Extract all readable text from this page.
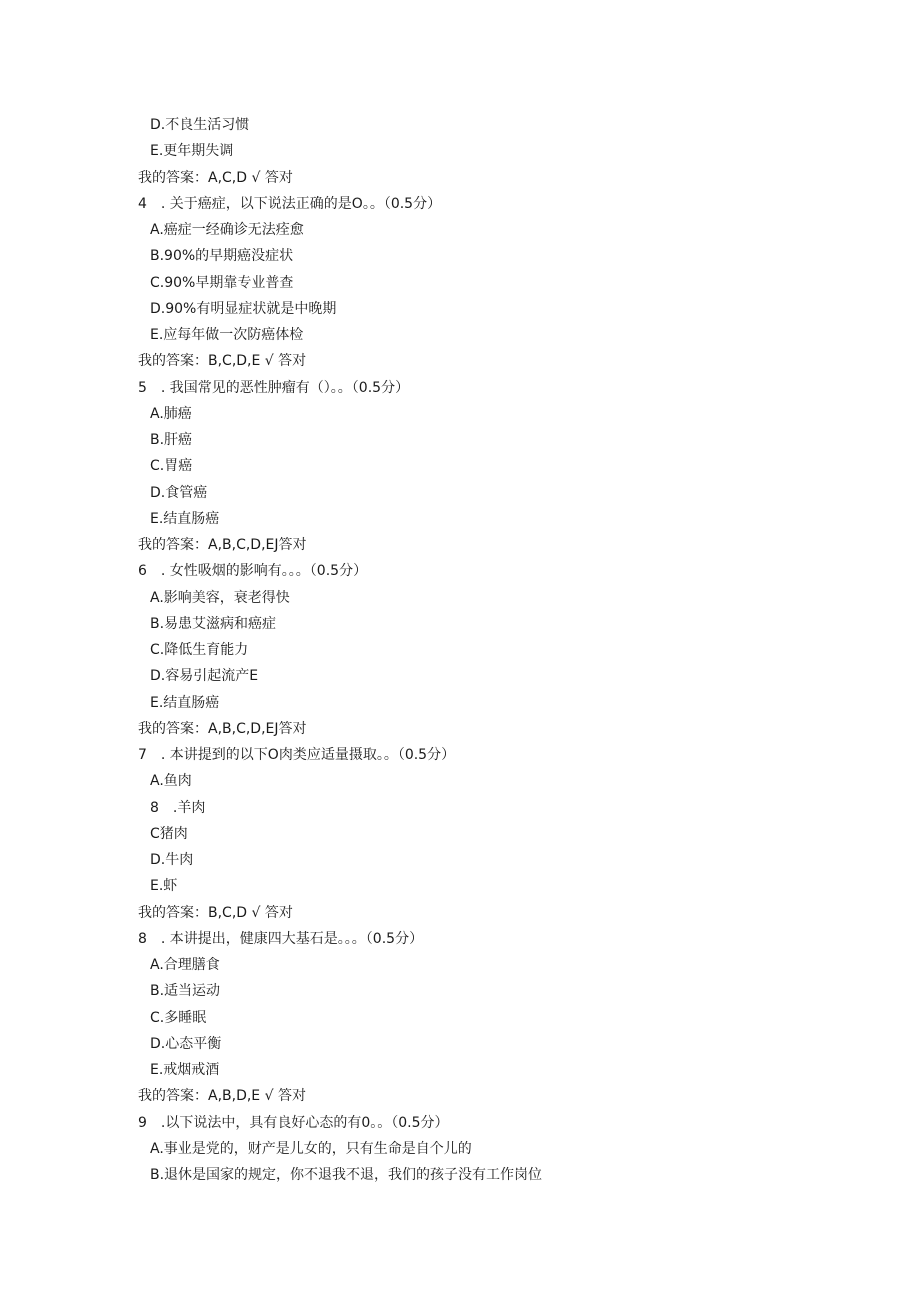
D.不良生活习惯
E.更年期失调
我的答案：A,C,D √ 答对
4　. 关于癌症，以下说法正确的是O。。（0.5分）
A.癌症一经确诊无法痊愈
B.90%的早期癌没症状
C.90%早期靠专业普查
D.90%有明显症状就是中晚期
E.应每年做一次防癌体检
我的答案：B,C,D,E √ 答对
5　. 我国常见的恶性肿瘤有（）。。（0.5分）
A.肺癌
B.肝癌
C.胃癌
D.食管癌
E.结直肠癌
我的答案：A,B,C,D,EJ答对
6　. 女性吸烟的影响有。。。（0.5分）
A.影响美容，衰老得快
B.易患艾滋病和癌症
C.降低生育能力
D.容易引起流产E
E.结直肠癌
我的答案：A,B,C,D,EJ答对
7　. 本讲提到的以下O肉类应适量摄取。。（0.5分）
A.鱼肉
8　.羊肉
C猪肉
D.牛肉
E.虾
我的答案：B,C,D √ 答对
8　. 本讲提出，健康四大基石是。。。（0.5分）
A.合理膳食
B.适当运动
C.多睡眠
D.心态平衡
E.戒烟戒酒
我的答案：A,B,D,E √ 答对
9　.以下说法中，具有良好心态的有0。。（0.5分）
A.事业是党的，财产是儿女的，只有生命是自个儿的
B.退休是国家的规定，你不退我不退，我们的孩子没有工作岗位
